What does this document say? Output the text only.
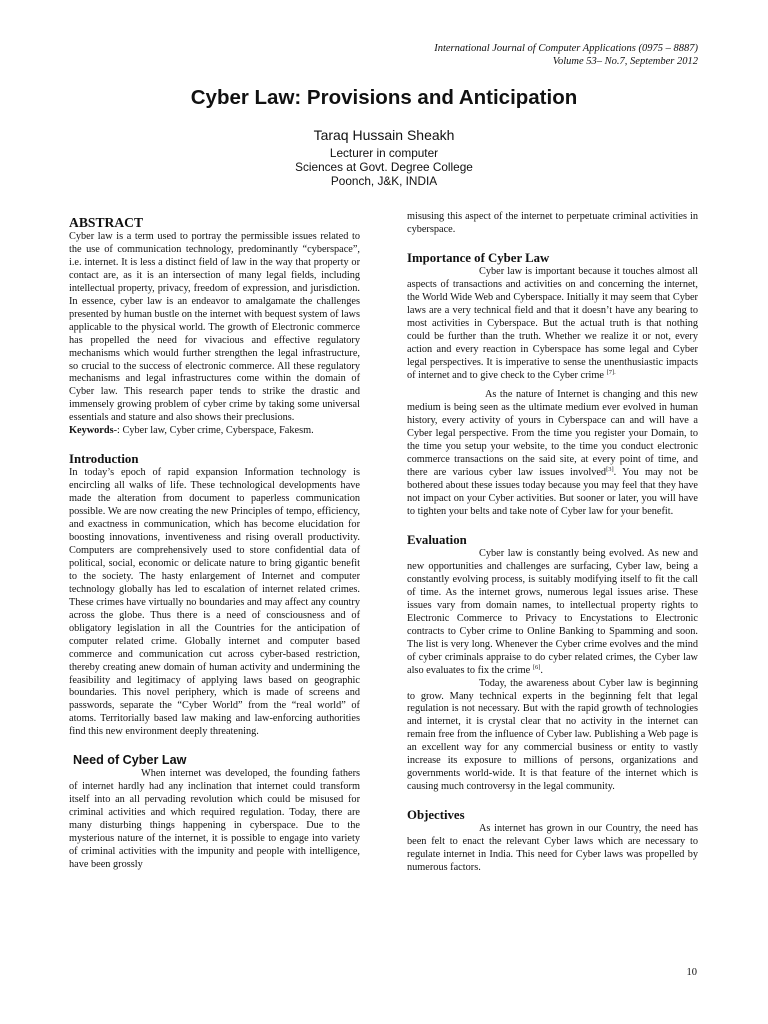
International Journal of Computer Applications (0975 – 8887)
Volume 53– No.7, September 2012
Cyber Law: Provisions and Anticipation
Taraq Hussain Sheakh
Lecturer in computer
Sciences at Govt. Degree College
Poonch, J&K, INDIA
ABSTRACT

Cyber law is a term used to portray the permissible issues related to the use of communication technology, predominantly “cyberspace”, i.e. internet. It is less a distinct field of law in the way that property or contact are, as it is an intersection of many legal fields, including intellectual property, privacy, freedom of expression, and jurisdiction. In essence, cyber law is an endeavor to amalgamate the challenges presented by human bustle on the internet with bequest system of laws applicable to the physical world. The growth of Electronic commerce has propelled the need for vivacious and effective regulatory mechanisms which would further strengthen the legal infrastructure, so crucial to the success of electronic commerce. All these regulatory mechanisms and legal infrastructures come within the domain of Cyber law. This research paper tends to strike the drastic and immensely growing problem of cyber crime by taking some universal essentials and stature and also shows their preclusions.

Keywords-: Cyber law, Cyber crime, Cyberspace, Fakesm.

Introduction

In today’s epoch of rapid expansion Information technology is encircling all walks of life. These technological developments have made the alteration from document to paperless communication possible. We are now creating the new Principles of tempo, efficiency, and exactness in communication, which has become elucidation for boosting innovations, inventiveness and rising overall productivity. Computers are comprehensively used to store confidential data of political, social, economic or delicate nature to bring gigantic benefit to the society. The hasty enlargement of Internet and computer technology globally has led to escalation of internet related crimes. These crimes have virtually no boundaries and may affect any country across the globe. Thus there is a need of consciousness and of obligatory legislation in all the Countries for the anticipation of computer related crime. Globally internet and computer based commerce and communication cut across cyber-based restriction, thereby creating anew domain of human activity and undermining the feasibility and legitimacy of applying laws based on geographic boundaries. This novel periphery, which is made of screens and passwords, separate the “Cyber World” from the “real world” of atoms. Territorially based law making and law-enforcing authorities find this new environment deeply threatening.

Need of Cyber Law

When internet was developed, the founding fathers of internet hardly had any inclination that internet could transform itself into an all pervading revolution which could be misused for criminal activities and which required regulation. Today, there are many disturbing things happening in cyberspace. Due to the mysterious nature of the internet, it is possible to engage into variety of criminal activities with the impunity and people with intelligence, have been grossly

misusing this aspect of the internet to perpetuate criminal activities in cyberspace.

Importance of Cyber Law

Cyber law is important because it touches almost all aspects of transactions and activities on and concerning the internet, the World Wide Web and Cyberspace. Initially it may seem that Cyber laws are a very technical field and that it doesn’t have any bearing to most activities in Cyberspace. But the actual truth is that nothing could be further than the truth. Whether we realize it or not, every action and every reaction in Cyberspace has some legal and Cyber legal perspectives. It is imperative to sense the unenthusiastic impacts of internet and to give check to the Cyber crime $^{[7].}$

As the nature of Internet is changing and this new medium is being seen as the ultimate medium ever evolved in human history, every activity of yours in Cyberspace can and will have a Cyber legal perspective. From the time you register your Domain, to the time you setup your website, to the time you conduct electronic commerce transactions on the said site, at every point of time, and there are various cyber law issues involved[3]. You may not be bothered about these issues today because you may feel that they have not impact on your Cyber activities. But sooner or later, you will have to tighten your belts and take note of Cyber law for your benefit.

Evaluation

Cyber law is constantly being evolved. As new and new opportunities and challenges are surfacing, Cyber law, being a constantly evolving process, is suitably modifying itself to fit the call of time. As the internet grows, numerous legal issues arise. These issues vary from domain names, to intellectual property rights to Electronic Commerce to Privacy to Encystations to Electronic contracts to Cyber crime to Online Banking to Spamming and soon. The list is very long. Whenever the Cyber crime evolves and the mind of cyber criminals appraise to do cyber related crimes, the Cyber law also evaluates to fix the crime [6].

Today, the awareness about Cyber law is beginning to grow. Many technical experts in the beginning felt that legal regulation is not necessary. But with the rapid growth of technologies and internet, it is crystal clear that no activity in the internet can remain free from the influence of Cyber law. Publishing a Web page is an excellent way for any commercial business or entity to vastly increase its exposure to millions of persons, organizations and governments world-wide. It is that feature of the internet which is causing much controversy in the legal community.

Objectives

As internet has grown in our Country, the need has been felt to enact the relevant Cyber laws which are necessary to regulate internet in India. This need for Cyber laws was propelled by numerous factors.

10
